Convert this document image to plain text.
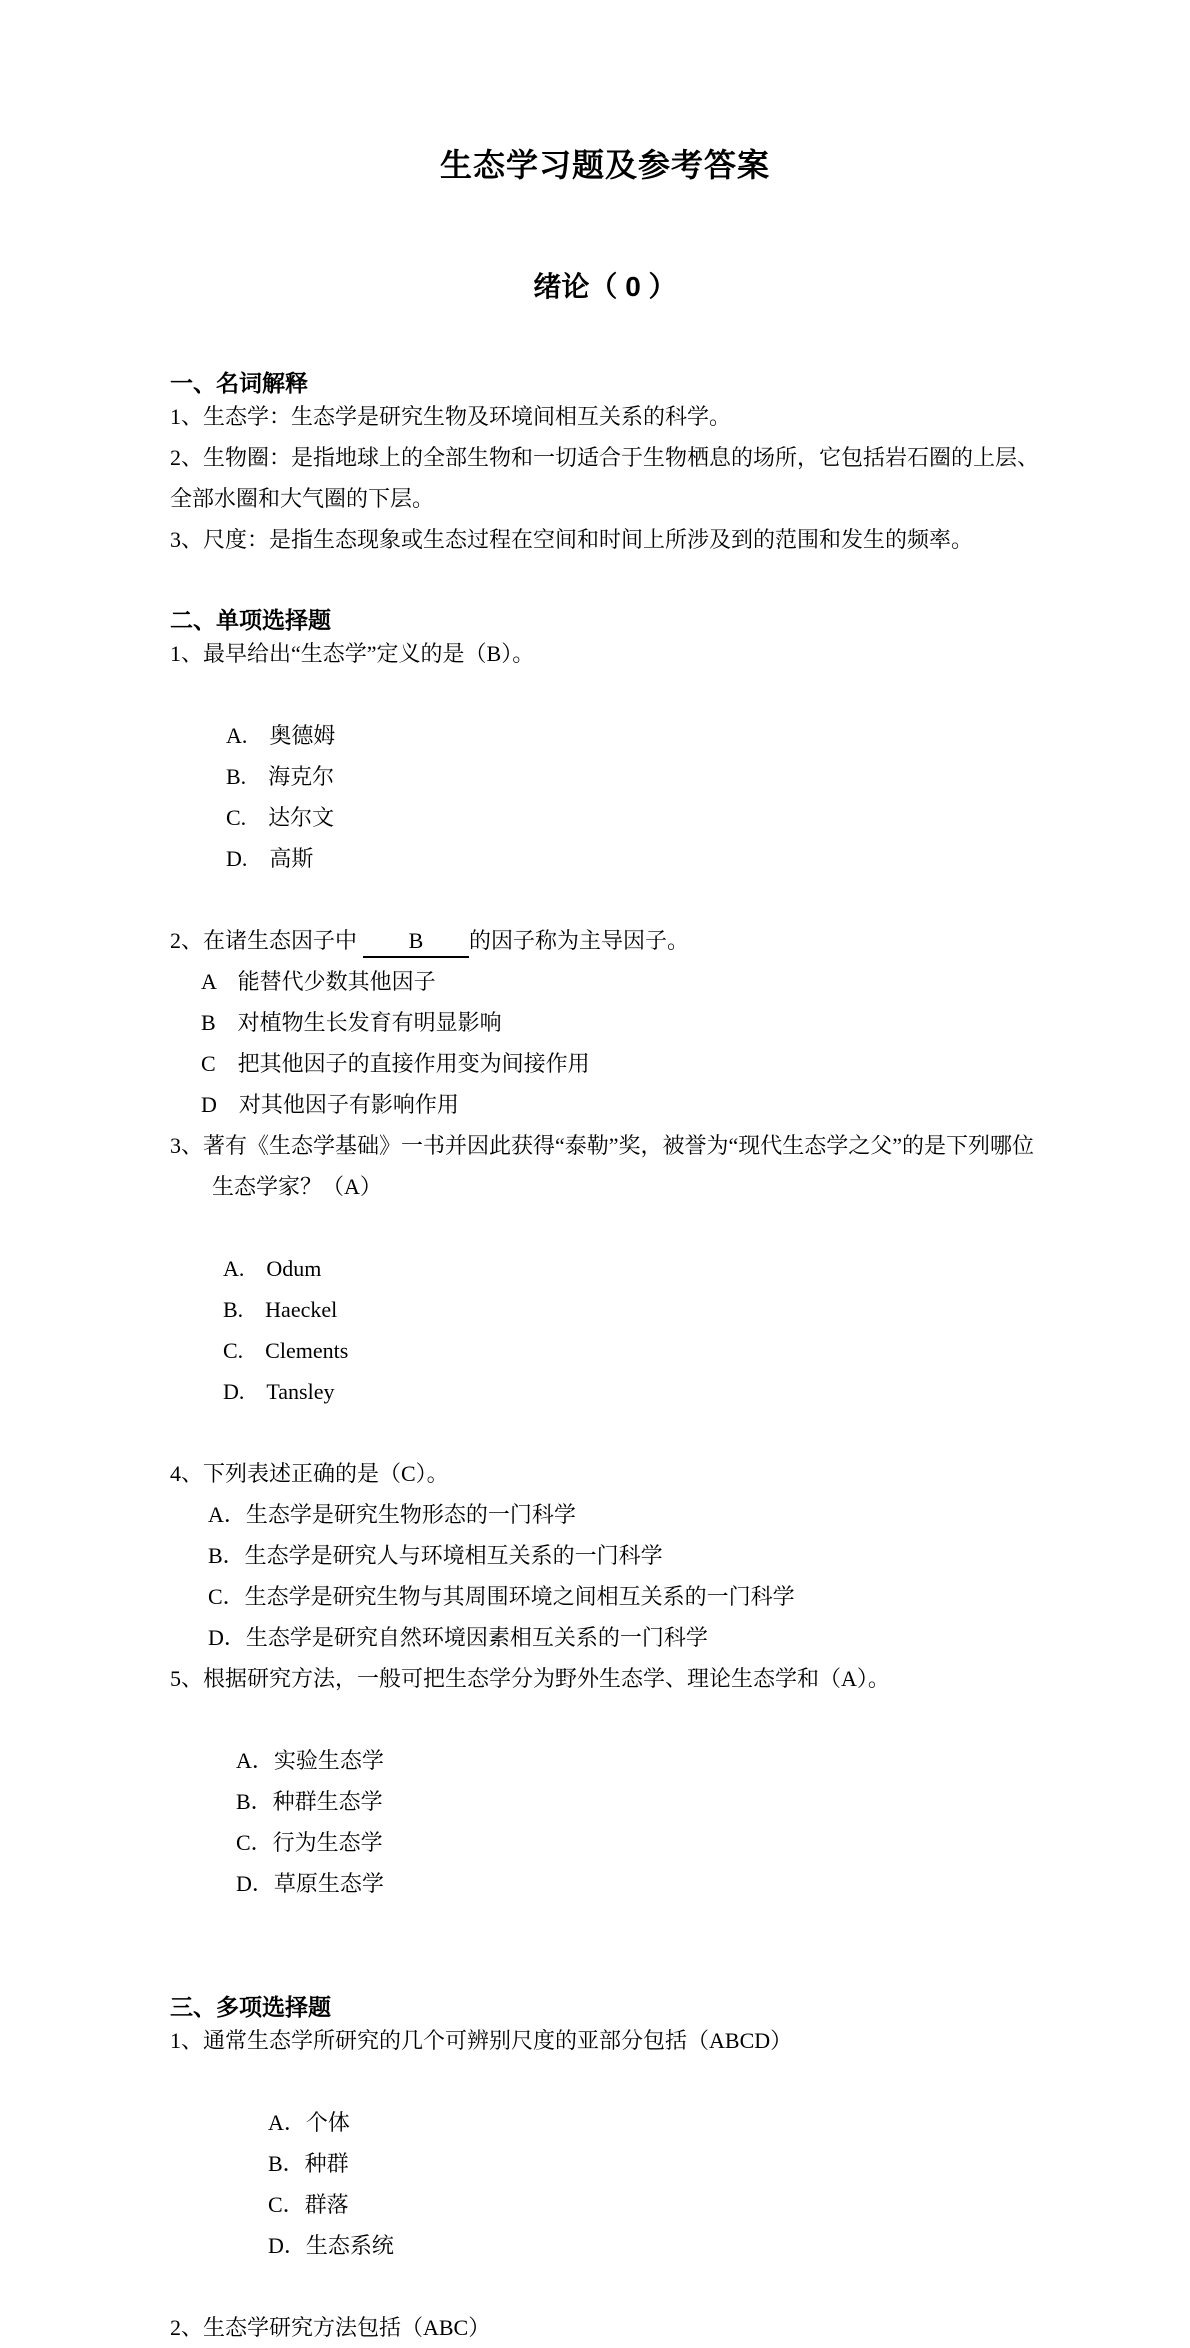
生态学习题及参考答案
绪论（ 0 ）
一、名词解释

1、生态学：生态学是研究生物及环境间相互关系的科学。

2、生物圈：是指地球上的全部生物和一切适合于生物栖息的场所，它包括岩石圈的上层、

全部水圈和大气圈的下层。

3、尺度：是指生态现象或生态过程在空间和时间上所涉及到的范围和发生的频率。

二、单项选择题

1、最早给出“生态学”定义的是（B）。

A.　奥德姆
B.　海克尔
C.　达尔文
D.　高斯

2、在诸生态因子中 B 的因子称为主导因子。

A　能替代少数其他因子

B　对植物生长发育有明显影响

C　把其他因子的直接作用变为间接作用

D　对其他因子有影响作用

3、著有《生态学基础》一书并因此获得“泰勒”奖，被誉为“现代生态学之父”的是下列哪位

生态学家？（A）

A.　Odum
B.　Haeckel
C.　Clements
D.　Tansley

4、下列表述正确的是（C）。

A．生态学是研究生物形态的一门科学

B．生态学是研究人与环境相互关系的一门科学

C．生态学是研究生物与其周围环境之间相互关系的一门科学

D．生态学是研究自然环境因素相互关系的一门科学

5、根据研究方法，一般可把生态学分为野外生态学、理论生态学和（A）。

A．实验生态学
B．种群生态学
C．行为生态学
D．草原生态学

三、多项选择题

1、通常生态学所研究的几个可辨别尺度的亚部分包括（ABCD）

A．个体
B．种群
C．群落
D．生态系统

2、生态学研究方法包括（ABC）
